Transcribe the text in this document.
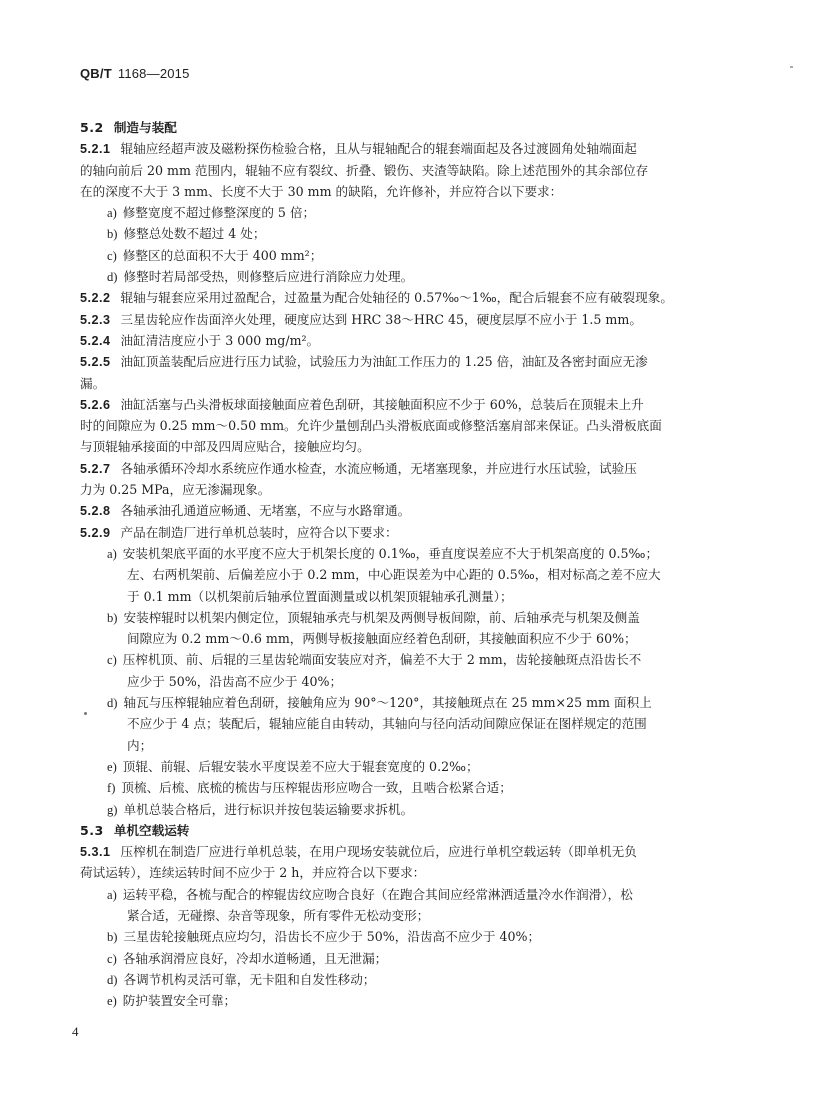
QB/T 1168—2015
5.2 制造与装配
5.2.1 辊轴应经超声波及磁粉探伤检验合格，且从与辊轴配合的辊套端面起及各过渡圆角处轴端面起
的轴向前后 20 mm 范围内，辊轴不应有裂纹、折叠、锻伤、夹渣等缺陷。除上述范围外的其余部位存
在的深度不大于 3 mm、长度不大于 30 mm 的缺陷，允许修补，并应符合以下要求：
a) 修整宽度不超过修整深度的 5 倍；
b) 修整总处数不超过 4 处；
c) 修整区的总面积不大于 400 mm²；
d) 修整时若局部受热，则修整后应进行消除应力处理。
5.2.2 辊轴与辊套应采用过盈配合，过盈量为配合处轴径的 0.57‰～1‰，配合后辊套不应有破裂现象。
5.2.3 三星齿轮应作齿面淬火处理，硬度应达到 HRC 38～HRC 45，硬度层厚不应小于 1.5 mm。
5.2.4 油缸清洁度应小于 3 000 mg/m²。
5.2.5 油缸顶盖装配后应进行压力试验，试验压力为油缸工作压力的 1.25 倍，油缸及各密封面应无渗
漏。
5.2.6 油缸活塞与凸头滑板球面接触面应着色刮研，其接触面积应不少于 60%，总装后在顶辊未上升
时的间隙应为 0.25 mm～0.50 mm。允许少量刨刮凸头滑板底面或修整活塞肩部来保证。凸头滑板底面
与顶辊轴承接面的中部及四周应贴合，接触应均匀。
5.2.7 各轴承循环冷却水系统应作通水检查，水流应畅通，无堵塞现象，并应进行水压试验，试验压
力为 0.25 MPa，应无渗漏现象。
5.2.8 各轴承油孔通道应畅通、无堵塞，不应与水路窜通。
5.2.9 产品在制造厂进行单机总装时，应符合以下要求：
a) 安装机架底平面的水平度不应大于机架长度的 0.1‰，垂直度误差应不大于机架高度的 0.5‰；
左、右两机架前、后偏差应小于 0.2 mm，中心距误差为中心距的 0.5‰，相对标高之差不应大
于 0.1 mm（以机架前后轴承位置面测量或以机架顶辊轴承孔测量）；
b) 安装榨辊时以机架内侧定位，顶辊轴承壳与机架及两侧导板间隙，前、后轴承壳与机架及侧盖
间隙应为 0.2 mm～0.6 mm，两侧导板接触面应经着色刮研，其接触面积应不少于 60%；
c) 压榨机顶、前、后辊的三星齿轮端面安装应对齐，偏差不大于 2 mm，齿轮接触斑点沿齿长不
应少于 50%，沿齿高不应少于 40%；
d) 轴瓦与压榨辊轴应着色刮研，接触角应为 90°～120°，其接触斑点在 25 mm×25 mm 面积上
不应少于 4 点；装配后，辊轴应能自由转动，其轴向与径向活动间隙应保证在图样规定的范围
内；
e) 顶辊、前辊、后辊安装水平度误差不应大于辊套宽度的 0.2‰；
f) 顶梳、后梳、底梳的梳齿与压榨辊齿形应吻合一致，且啮合松紧合适；
g) 单机总装合格后，进行标识并按包装运输要求拆机。
5.3 单机空载运转
5.3.1 压榨机在制造厂应进行单机总装，在用户现场安装就位后，应进行单机空载运转（即单机无负
荷试运转），连续运转时间不应少于 2 h，并应符合以下要求：
a) 运转平稳，各梳与配合的榨辊齿纹应吻合良好（在跑合其间应经常淋洒适量冷水作润滑），松
紧合适，无碰擦、杂音等现象，所有零件无松动变形；
b) 三星齿轮接触斑点应均匀，沿齿长不应少于 50%，沿齿高不应少于 40%；
c) 各轴承润滑应良好，冷却水道畅通，且无泄漏；
d) 各调节机构灵活可靠，无卡阻和自发性移动；
e) 防护装置安全可靠；
4
